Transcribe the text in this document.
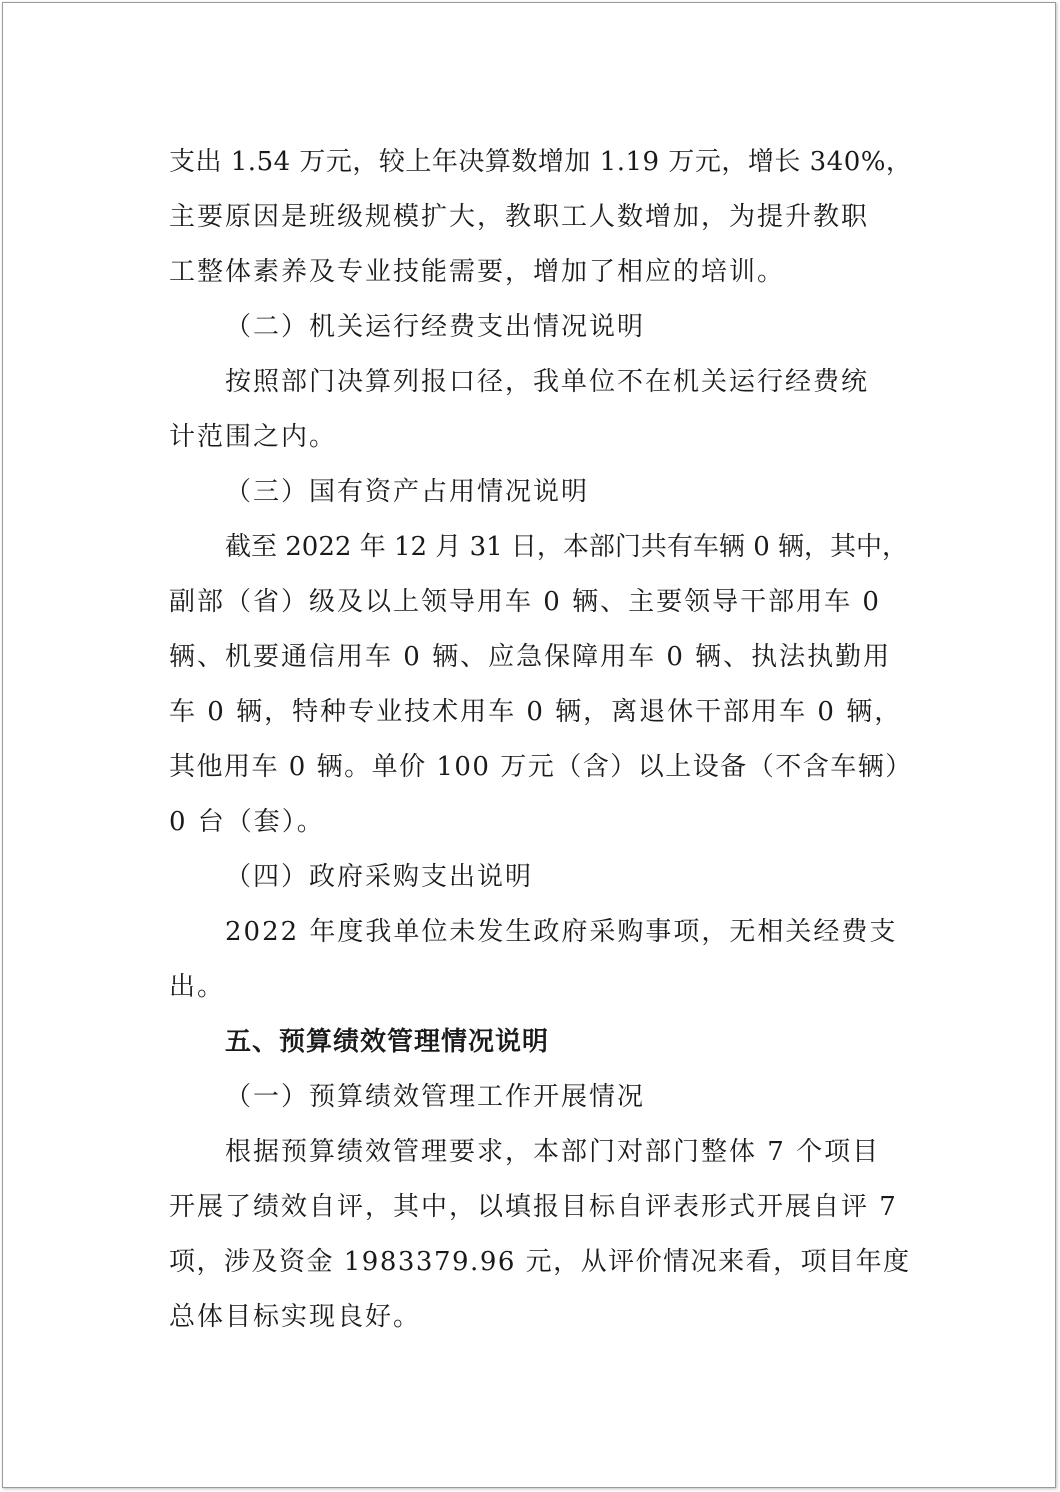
支出 1.54 万元，较上年决算数增加 1.19 万元，增长 340%，

主要原因是班级规模扩大，教职工人数增加，为提升教职

工整体素养及专业技能需要，增加了相应的培训。

（二）机关运行经费支出情况说明

按照部门决算列报口径，我单位不在机关运行经费统

计范围之内。

（三）国有资产占用情况说明

截至 2022 年 12 月 31 日，本部门共有车辆 0 辆，其中，

副部（省）级及以上领导用车 0 辆、主要领导干部用车 0

辆、机要通信用车 0 辆、应急保障用车 0 辆、执法执勤用

车 0 辆，特种专业技术用车 0 辆，离退休干部用车 0 辆，

其他用车 0 辆。单价 100 万元（含）以上设备（不含车辆）

0 台（套）。

（四）政府采购支出说明

2022 年度我单位未发生政府采购事项，无相关经费支

出。

五、预算绩效管理情况说明

（一）预算绩效管理工作开展情况

根据预算绩效管理要求，本部门对部门整体 7 个项目

开展了绩效自评，其中，以填报目标自评表形式开展自评 7

项，涉及资金 1983379.96 元，从评价情况来看，项目年度

总体目标实现良好。
